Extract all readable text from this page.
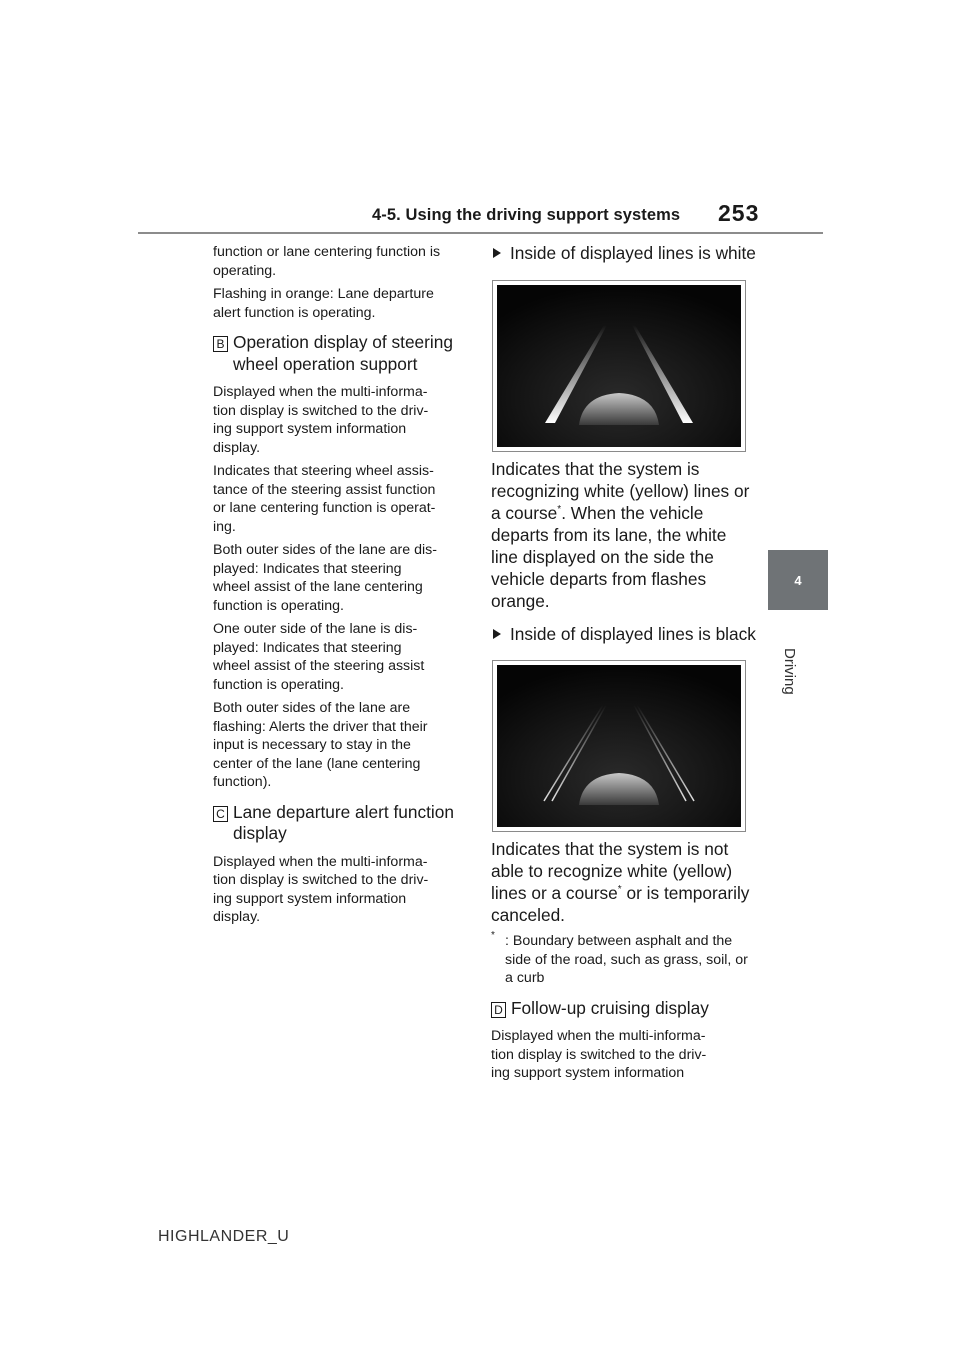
4-5. Using the driving support systems 253
4
Driving

function or lane centering function is operating.

Flashing in orange: Lane departure alert function is operating.

B Operation display of steering wheel operation support

Displayed when the multi-informa-
tion display is switched to the driv-
ing support system information
display.

Indicates that steering wheel assis-
tance of the steering assist function
or lane centering function is operat-
ing.

Both outer sides of the lane are dis-
played: Indicates that steering
wheel assist of the lane centering
function is operating.

One outer side of the lane is dis-
played: Indicates that steering
wheel assist of the steering assist
function is operating.

Both outer sides of the lane are
flashing: Alerts the driver that their
input is necessary to stay in the
center of the lane (lane centering
function).

C Lane departure alert function display

Displayed when the multi-informa-
tion display is switched to the driv-
ing support system information
display.

Inside of displayed lines is white

Indicates that the system is recognizing white (yellow) lines or a course*. When the vehicle departs from its lane, the white line displayed on the side the vehicle departs from flashes orange.

Inside of displayed lines is black

Indicates that the system is not able to recognize white (yellow) lines or a course* or is temporarily canceled.

* : Boundary between asphalt and the side of the road, such as grass, soil, or a curb
D Follow-up cruising display

Displayed when the multi-informa-
tion display is switched to the driv-
ing support system information

HIGHLANDER_U
